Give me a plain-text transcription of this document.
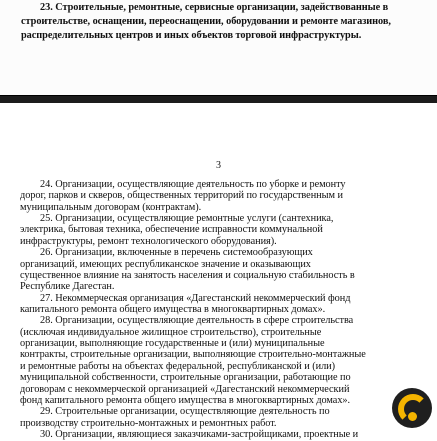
23. Строительные, ремонтные, сервисные организации, задействованные в

строительстве, оснащении, переоснащении, оборудовании и ремонте магазинов,

распределительных центров и иных объектов торговой инфраструктуры.

3

24. Организации, осуществляющие деятельность по уборке и ремонту

дорог, парков и скверов, общественных территорий по государственным и

муниципальным договорам (контрактам).

25. Организации, осуществляющие ремонтные услуги (сантехника,

электрика, бытовая техника, обеспечение исправности коммунальной

инфраструктуры, ремонт технологического оборудования).

26. Организации, включенные в перечень системообразующих

организаций, имеющих республиканское значение и оказывающих

существенное влияние на занятость населения и социальную стабильность в

Республике Дагестан.

27. Некоммерческая организация «Дагестанский некоммерческий фонд

капитального ремонта общего имущества в многоквартирных домах».

28. Организации, осуществляющие деятельность в сфере строительства

(исключая индивидуальное жилищное строительство), строительные

организации, выполняющие государственные и (или) муниципальные

контракты, строительные организации, выполняющие строительно-монтажные

и ремонтные работы на объектах федеральной, республиканской и (или)

муниципальной собственности, строительные организации, работающие по

договорам с некоммерческой организацией «Дагестанский некоммерческий

фонд капитального ремонта общего имущества в многоквартирных домах».

29. Строительные организации, осуществляющие деятельность по

производству строительно-монтажных и ремонтных работ.

30. Организации, являющиеся заказчиками-застройщиками, проектные и
